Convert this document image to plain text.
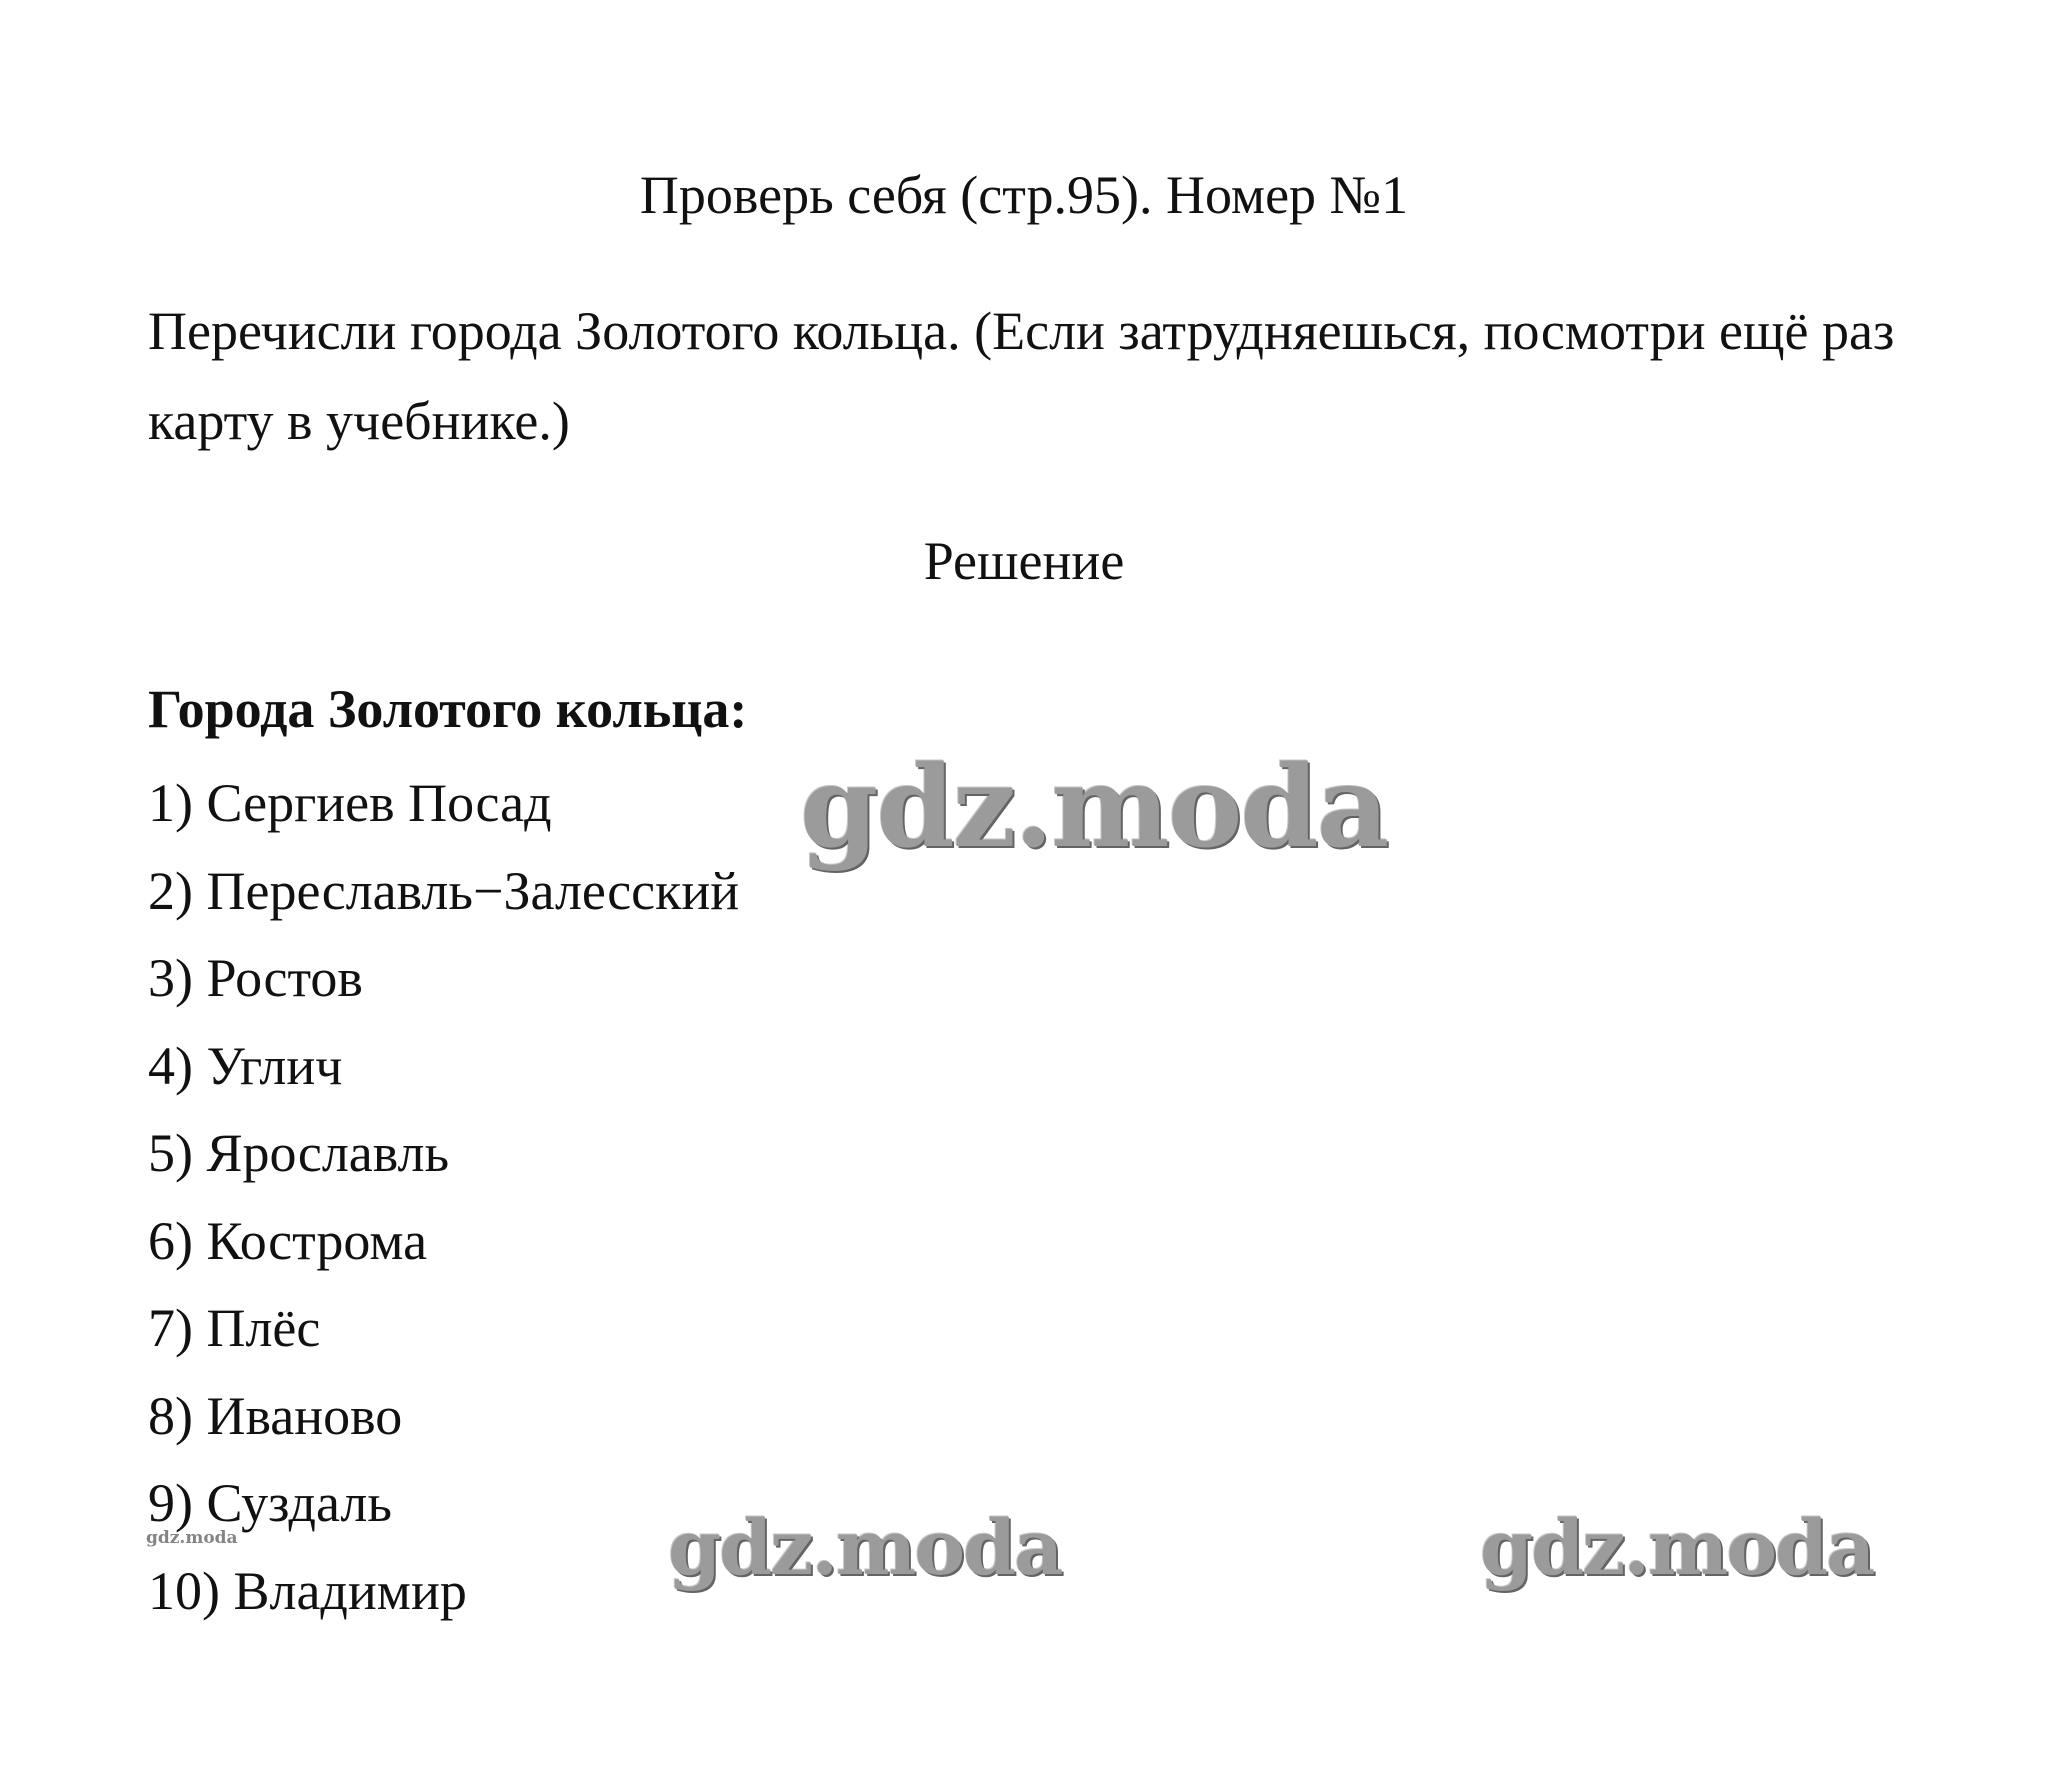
Проверь себя (стр.95). Номер №1

Перечисли города Золотого кольца. (Если затрудняешься, посмотри ещё раз карту в учебнике.)

Решение

Города Золотого кольца:

1) Сергиев Посад
2) Переславль−Залесский
3) Ростов
4) Углич
5) Ярославль
6) Кострома
7) Плёс
8) Иваново
9) Суздаль
10) Владимир
gdz.moda
gdz.moda	gdz.moda
gdz.moda
